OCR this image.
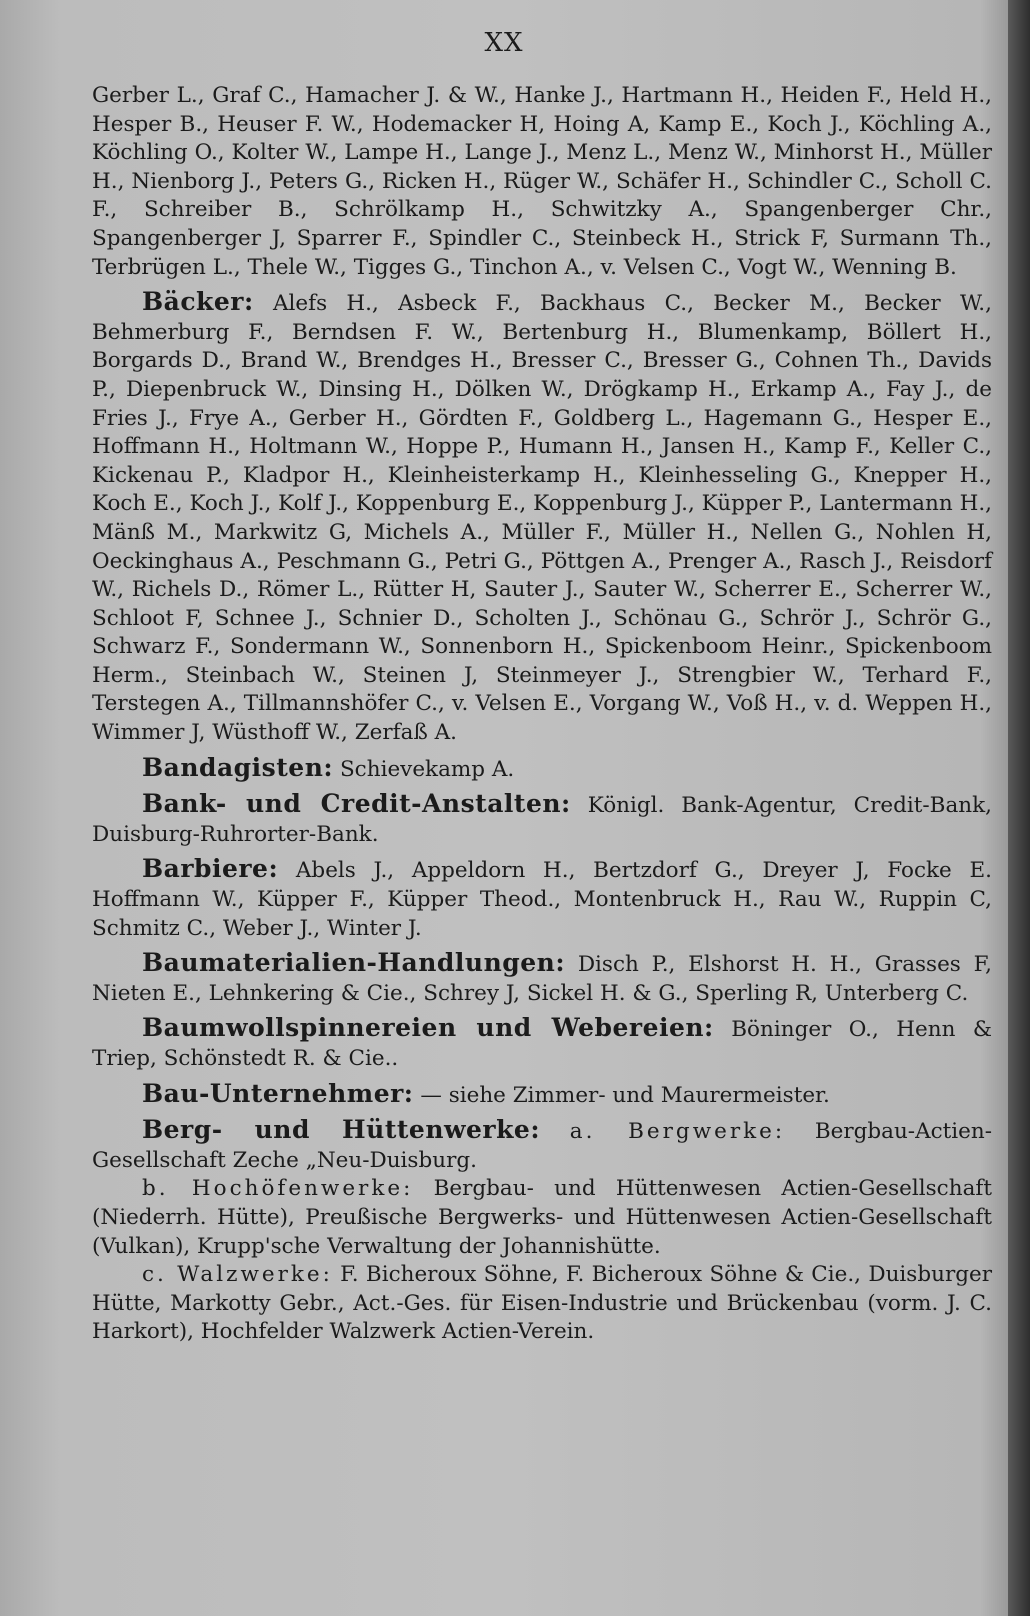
XX

Gerber L., Graf C., Hamacher J. & W., Hanke J., Hartmann H., Heiden F., Held H., Hesper B., Heuser F. W., Hodemacker H, Hoing A, Kamp E., Koch J., Köchling A., Köchling O., Kolter W., Lampe H., Lange J., Menz L., Menz W., Minhorst H., Müller H., Nienborg J., Peters G., Ricken H., Rüger W., Schäfer H., Schindler C., Scholl C. F., Schreiber B., Schrölkamp H., Schwitzky A., Spangenberger Chr., Spangenberger J, Sparrer F., Spindler C., Steinbeck H., Strick F, Surmann Th., Terbrügen L., Thele W., Tigges G., Tinchon A., v. Velsen C., Vogt W., Wenning B.

Bäcker: Alefs H., Asbeck F., Backhaus C., Becker M., Becker W., Behmerburg F., Berndsen F. W., Bertenburg H., Blumenkamp, Böllert H., Borgards D., Brand W., Brendges H., Bresser C., Bresser G., Cohnen Th., Davids P., Diepenbruck W., Dinsing H., Dölken W., Drögkamp H., Erkamp A., Fay J., de Fries J., Frye A., Gerber H., Gördten F., Goldberg L., Hagemann G., Hesper E., Hoffmann H., Holtmann W., Hoppe P., Humann H., Jansen H., Kamp F., Keller C., Kickenau P., Kladpor H., Kleinheisterkamp H., Kleinhesseling G., Knepper H., Koch E., Koch J., Kolf J., Koppenburg E., Koppenburg J., Küpper P., Lantermann H., Mänß M., Markwitz G, Michels A., Müller F., Müller H., Nellen G., Nohlen H, Oeckinghaus A., Peschmann G., Petri G., Pöttgen A., Prenger A., Rasch J., Reisdorf W., Richels D., Römer L., Rütter H, Sauter J., Sauter W., Scherrer E., Scherrer W., Schloot F, Schnee J., Schnier D., Scholten J., Schönau G., Schrör J., Schrör G., Schwarz F., Sondermann W., Sonnenborn H., Spickenboom Heinr., Spickenboom Herm., Steinbach W., Steinen J, Steinmeyer J., Strengbier W., Terhard F., Terstegen A., Tillmannshöfer C., v. Velsen E., Vorgang W., Voß H., v. d. Weppen H., Wimmer J, Wüsthoff W., Zerfaß A.

Bandagisten: Schievekamp A.

Bank- und Credit-Anstalten: Königl. Bank-Agentur, Credit-Bank, Duisburg-Ruhrorter-Bank.

Barbiere: Abels J., Appeldorn H., Bertzdorf G., Dreyer J, Focke E. Hoffmann W., Küpper F., Küpper Theod., Montenbruck H., Rau W., Ruppin C, Schmitz C., Weber J., Winter J.

Baumaterialien-Handlungen: Disch P., Elshorst H. H., Grasses F, Nieten E., Lehnkering & Cie., Schrey J, Sickel H. & G., Sperling R, Unterberg C.

Baumwollspinnereien und Webereien: Böninger O., Henn & Triep, Schönstedt R. & Cie..

Bau-Unternehmer: — siehe Zimmer- und Maurermeister.

Berg- und Hüttenwerke: a. Bergwerke: Bergbau-Actien-Gesellschaft Zeche „Neu-Duisburg.

b. Hochöfenwerke: Bergbau- und Hüttenwesen Actien-Gesellschaft (Niederrh. Hütte), Preußische Bergwerks- und Hüttenwesen Actien-Gesellschaft (Vulkan), Krupp'sche Verwaltung der Johannishütte.

c. Walzwerke: F. Bicheroux Söhne, F. Bicheroux Söhne & Cie., Duisburger Hütte, Markotty Gebr., Act.-Ges. für Eisen-Industrie und Brückenbau (vorm. J. C. Harkort), Hochfelder Walzwerk Actien-Verein.
